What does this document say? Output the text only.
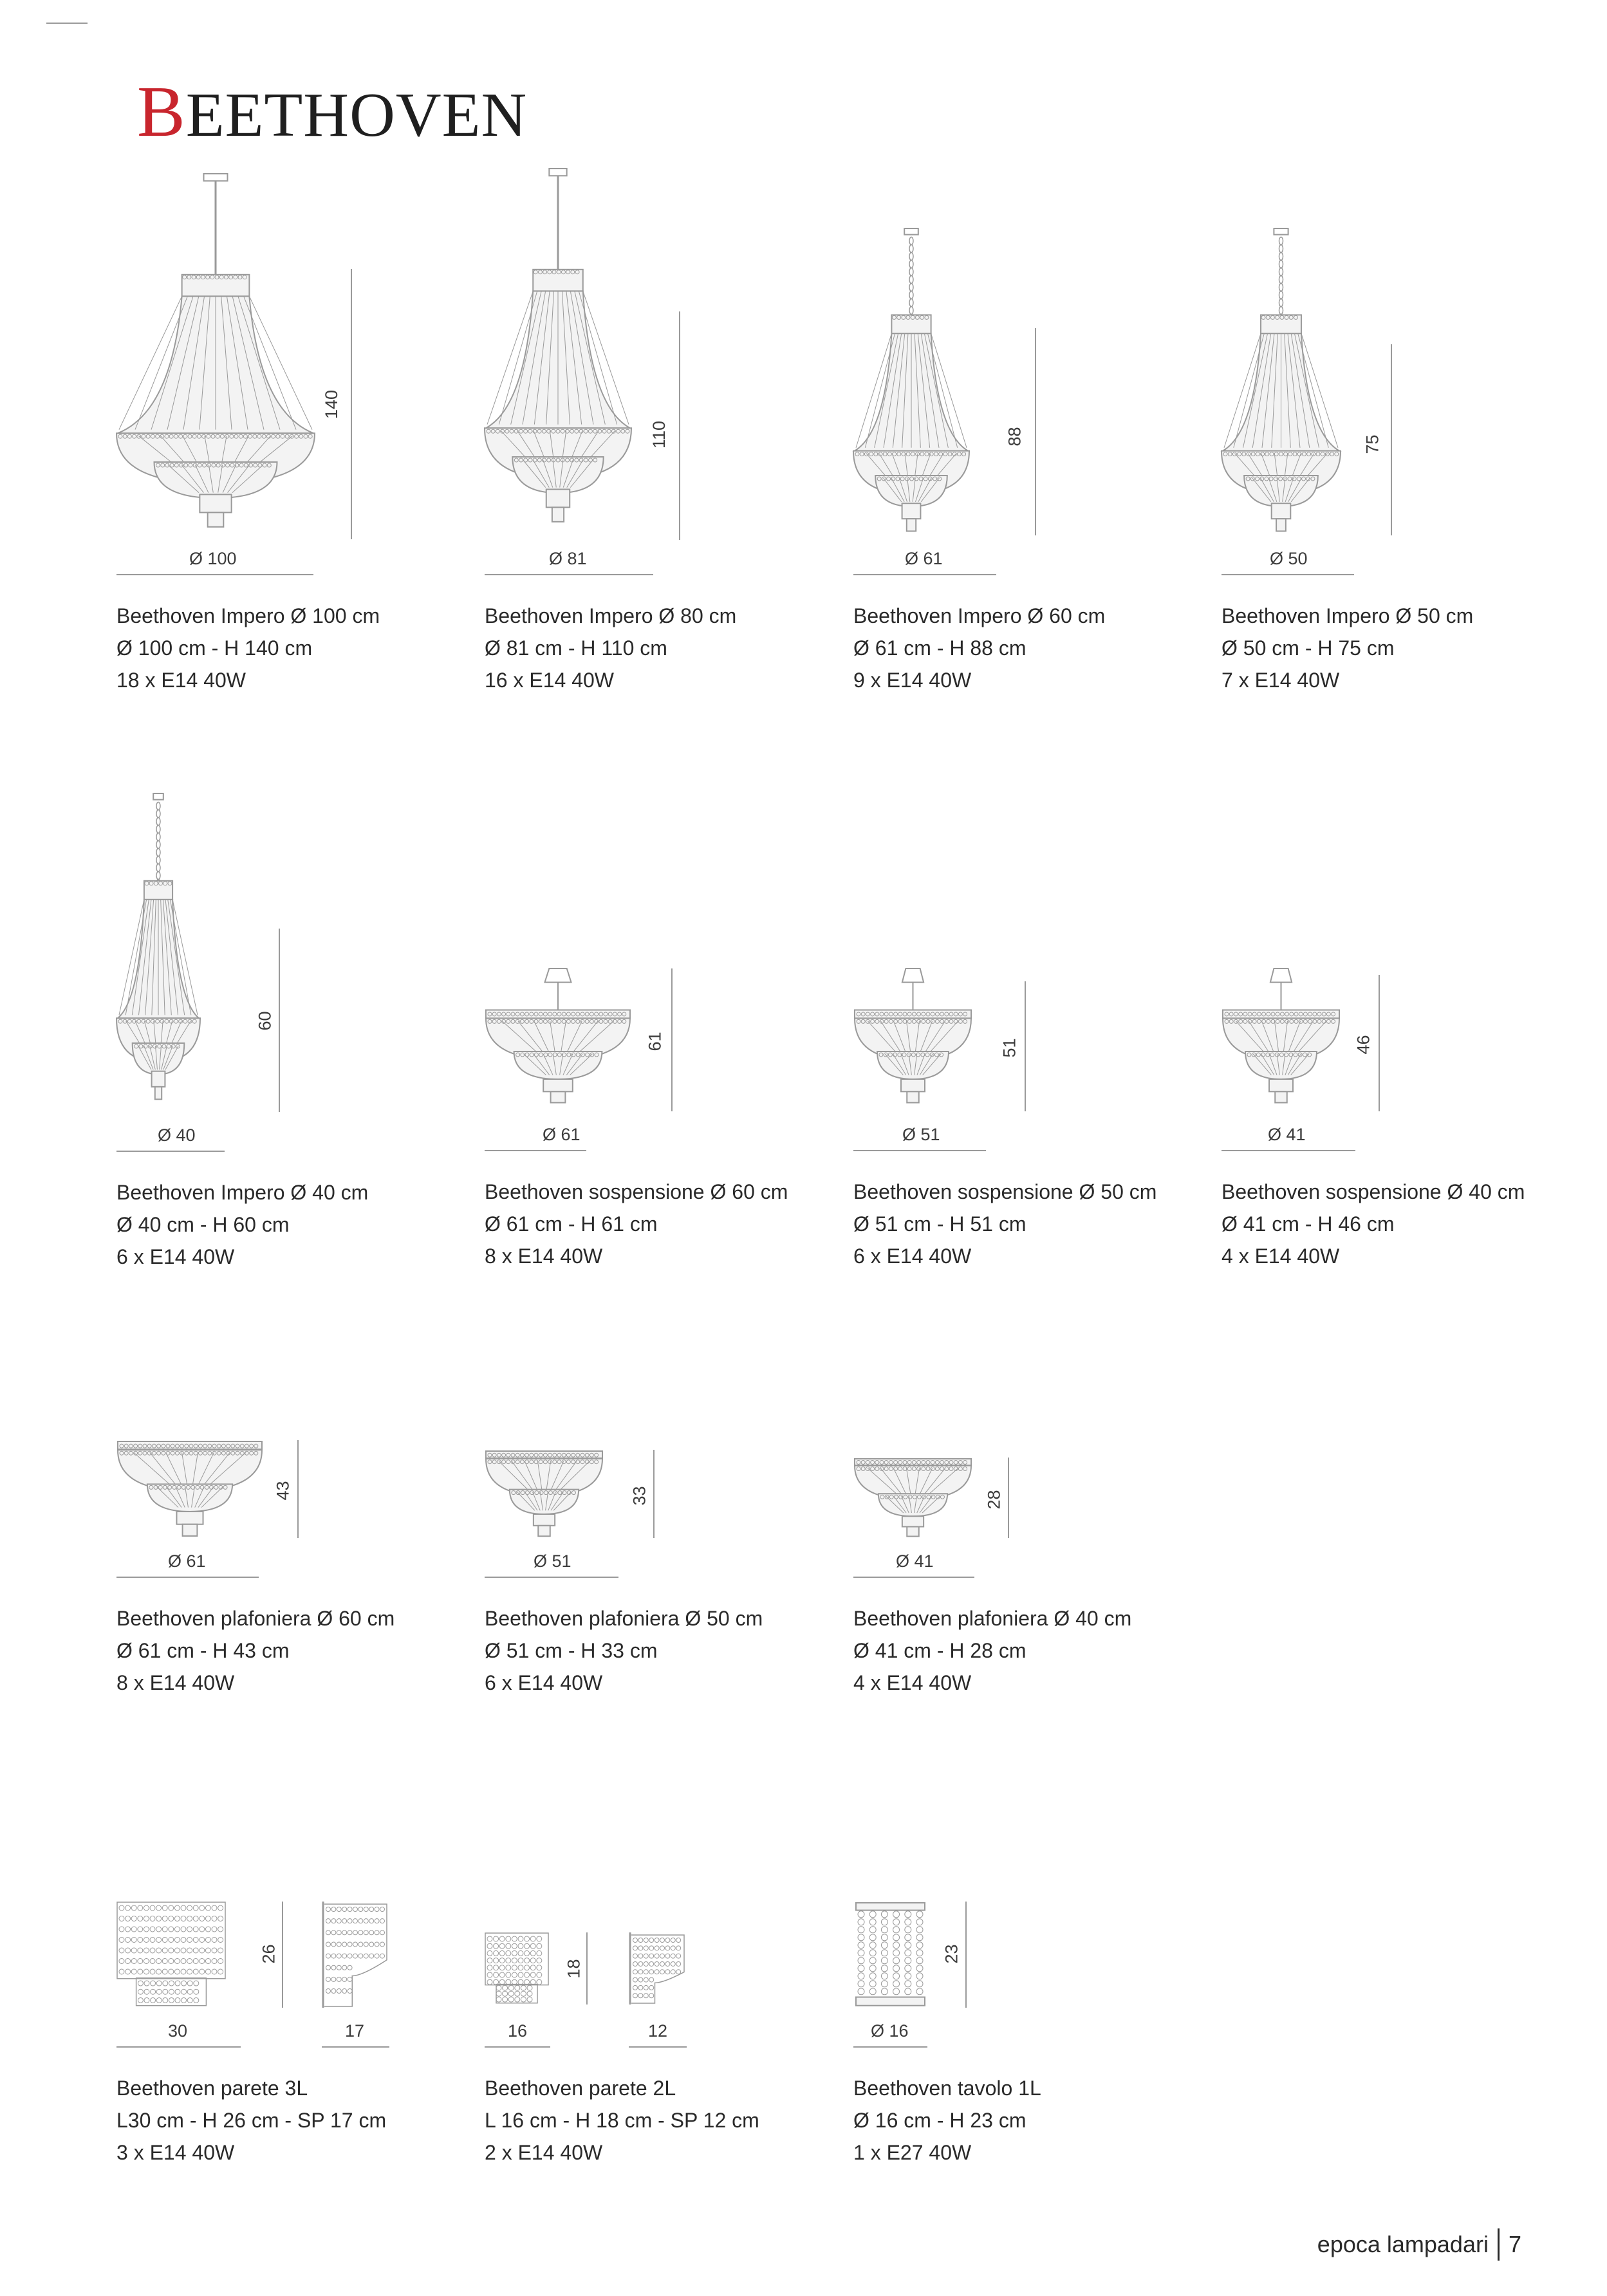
BEETHOVEN
140
Ø 100
Beethoven Impero Ø 100 cm
Ø 100 cm - H 140 cm
18 x E14 40W
110
Ø 81
Beethoven Impero Ø 80 cm
Ø 81 cm - H 110 cm
16 x E14 40W
88
Ø 61
Beethoven Impero Ø 60 cm
Ø 61 cm - H 88 cm
9 x E14 40W
75
Ø 50
Beethoven Impero Ø 50 cm
Ø 50 cm - H 75 cm
7 x E14 40W
60
Ø 40
Beethoven Impero Ø 40 cm
Ø 40 cm - H 60 cm
6 x E14 40W
61
Ø 61
Beethoven sospensione Ø 60 cm
Ø 61 cm - H 61 cm
8 x E14 40W
51
Ø 51
Beethoven sospensione Ø 50 cm
Ø 51 cm - H 51 cm
6 x E14 40W
46
Ø 41
Beethoven sospensione Ø 40 cm
Ø 41 cm - H 46 cm
4 x E14 40W
43
Ø 61
Beethoven plafoniera Ø 60 cm
Ø 61 cm - H 43 cm
8 x E14 40W
33
Ø 51
Beethoven plafoniera Ø 50 cm
Ø 51 cm - H 33 cm
6 x E14 40W
28
Ø 41
Beethoven plafoniera Ø 40 cm
Ø 41 cm - H 28 cm
4 x E14 40W
26
30	17
Beethoven parete 3L
L30 cm - H 26 cm - SP 17 cm
3 x E14 40W
18
16	12
Beethoven parete 2L
L 16 cm - H 18 cm - SP 12 cm
2 x E14 40W
23
Ø 16
Beethoven tavolo 1L
Ø 16 cm - H 23 cm
1 x E27 40W
epoca lampadari 7
